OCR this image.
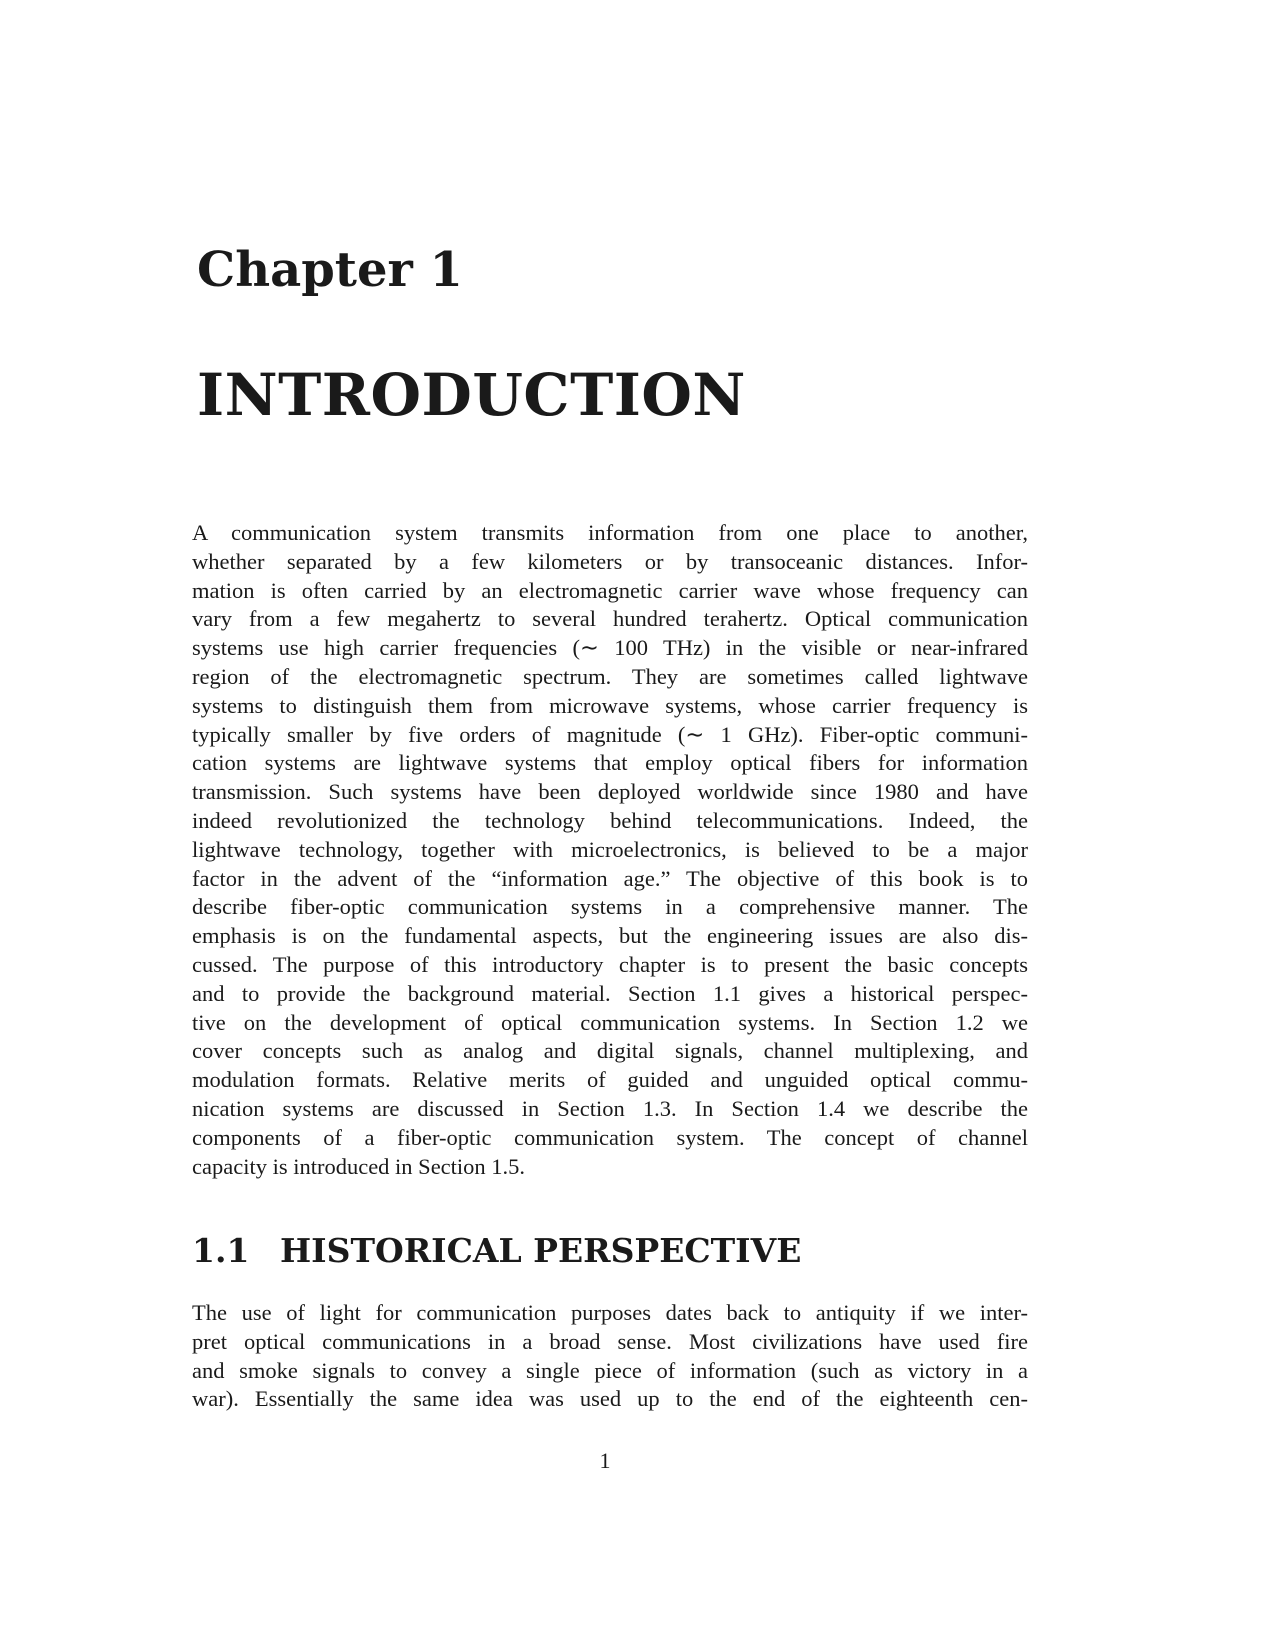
Chapter 1
INTRODUCTION

A communication system transmits information from one place to another,
whether separated by a few kilometers or by transoceanic distances. Infor-
mation is often carried by an electromagnetic carrier wave whose frequency can
vary from a few megahertz to several hundred terahertz. Optical communication
systems use high carrier frequencies (∼ 100 THz) in the visible or near-infrared
region of the electromagnetic spectrum. They are sometimes called lightwave
systems to distinguish them from microwave systems, whose carrier frequency is
typically smaller by five orders of magnitude (∼ 1 GHz). Fiber-optic communi-
cation systems are lightwave systems that employ optical fibers for information
transmission. Such systems have been deployed worldwide since 1980 and have
indeed revolutionized the technology behind telecommunications. Indeed, the
lightwave technology, together with microelectronics, is believed to be a major
factor in the advent of the “information age.” The objective of this book is to
describe fiber-optic communication systems in a comprehensive manner. The
emphasis is on the fundamental aspects, but the engineering issues are also dis-
cussed. The purpose of this introductory chapter is to present the basic concepts
and to provide the background material. Section 1.1 gives a historical perspec-
tive on the development of optical communication systems. In Section 1.2 we
cover concepts such as analog and digital signals, channel multiplexing, and
modulation formats. Relative merits of guided and unguided optical commu-
nication systems are discussed in Section 1.3. In Section 1.4 we describe the
components of a fiber-optic communication system. The concept of channel
capacity is introduced in Section 1.5.

1.1 HISTORICAL PERSPECTIVE

The use of light for communication purposes dates back to antiquity if we inter-
pret optical communications in a broad sense. Most civilizations have used fire
and smoke signals to convey a single piece of information (such as victory in a
war). Essentially the same idea was used up to the end of the eighteenth cen-

1
